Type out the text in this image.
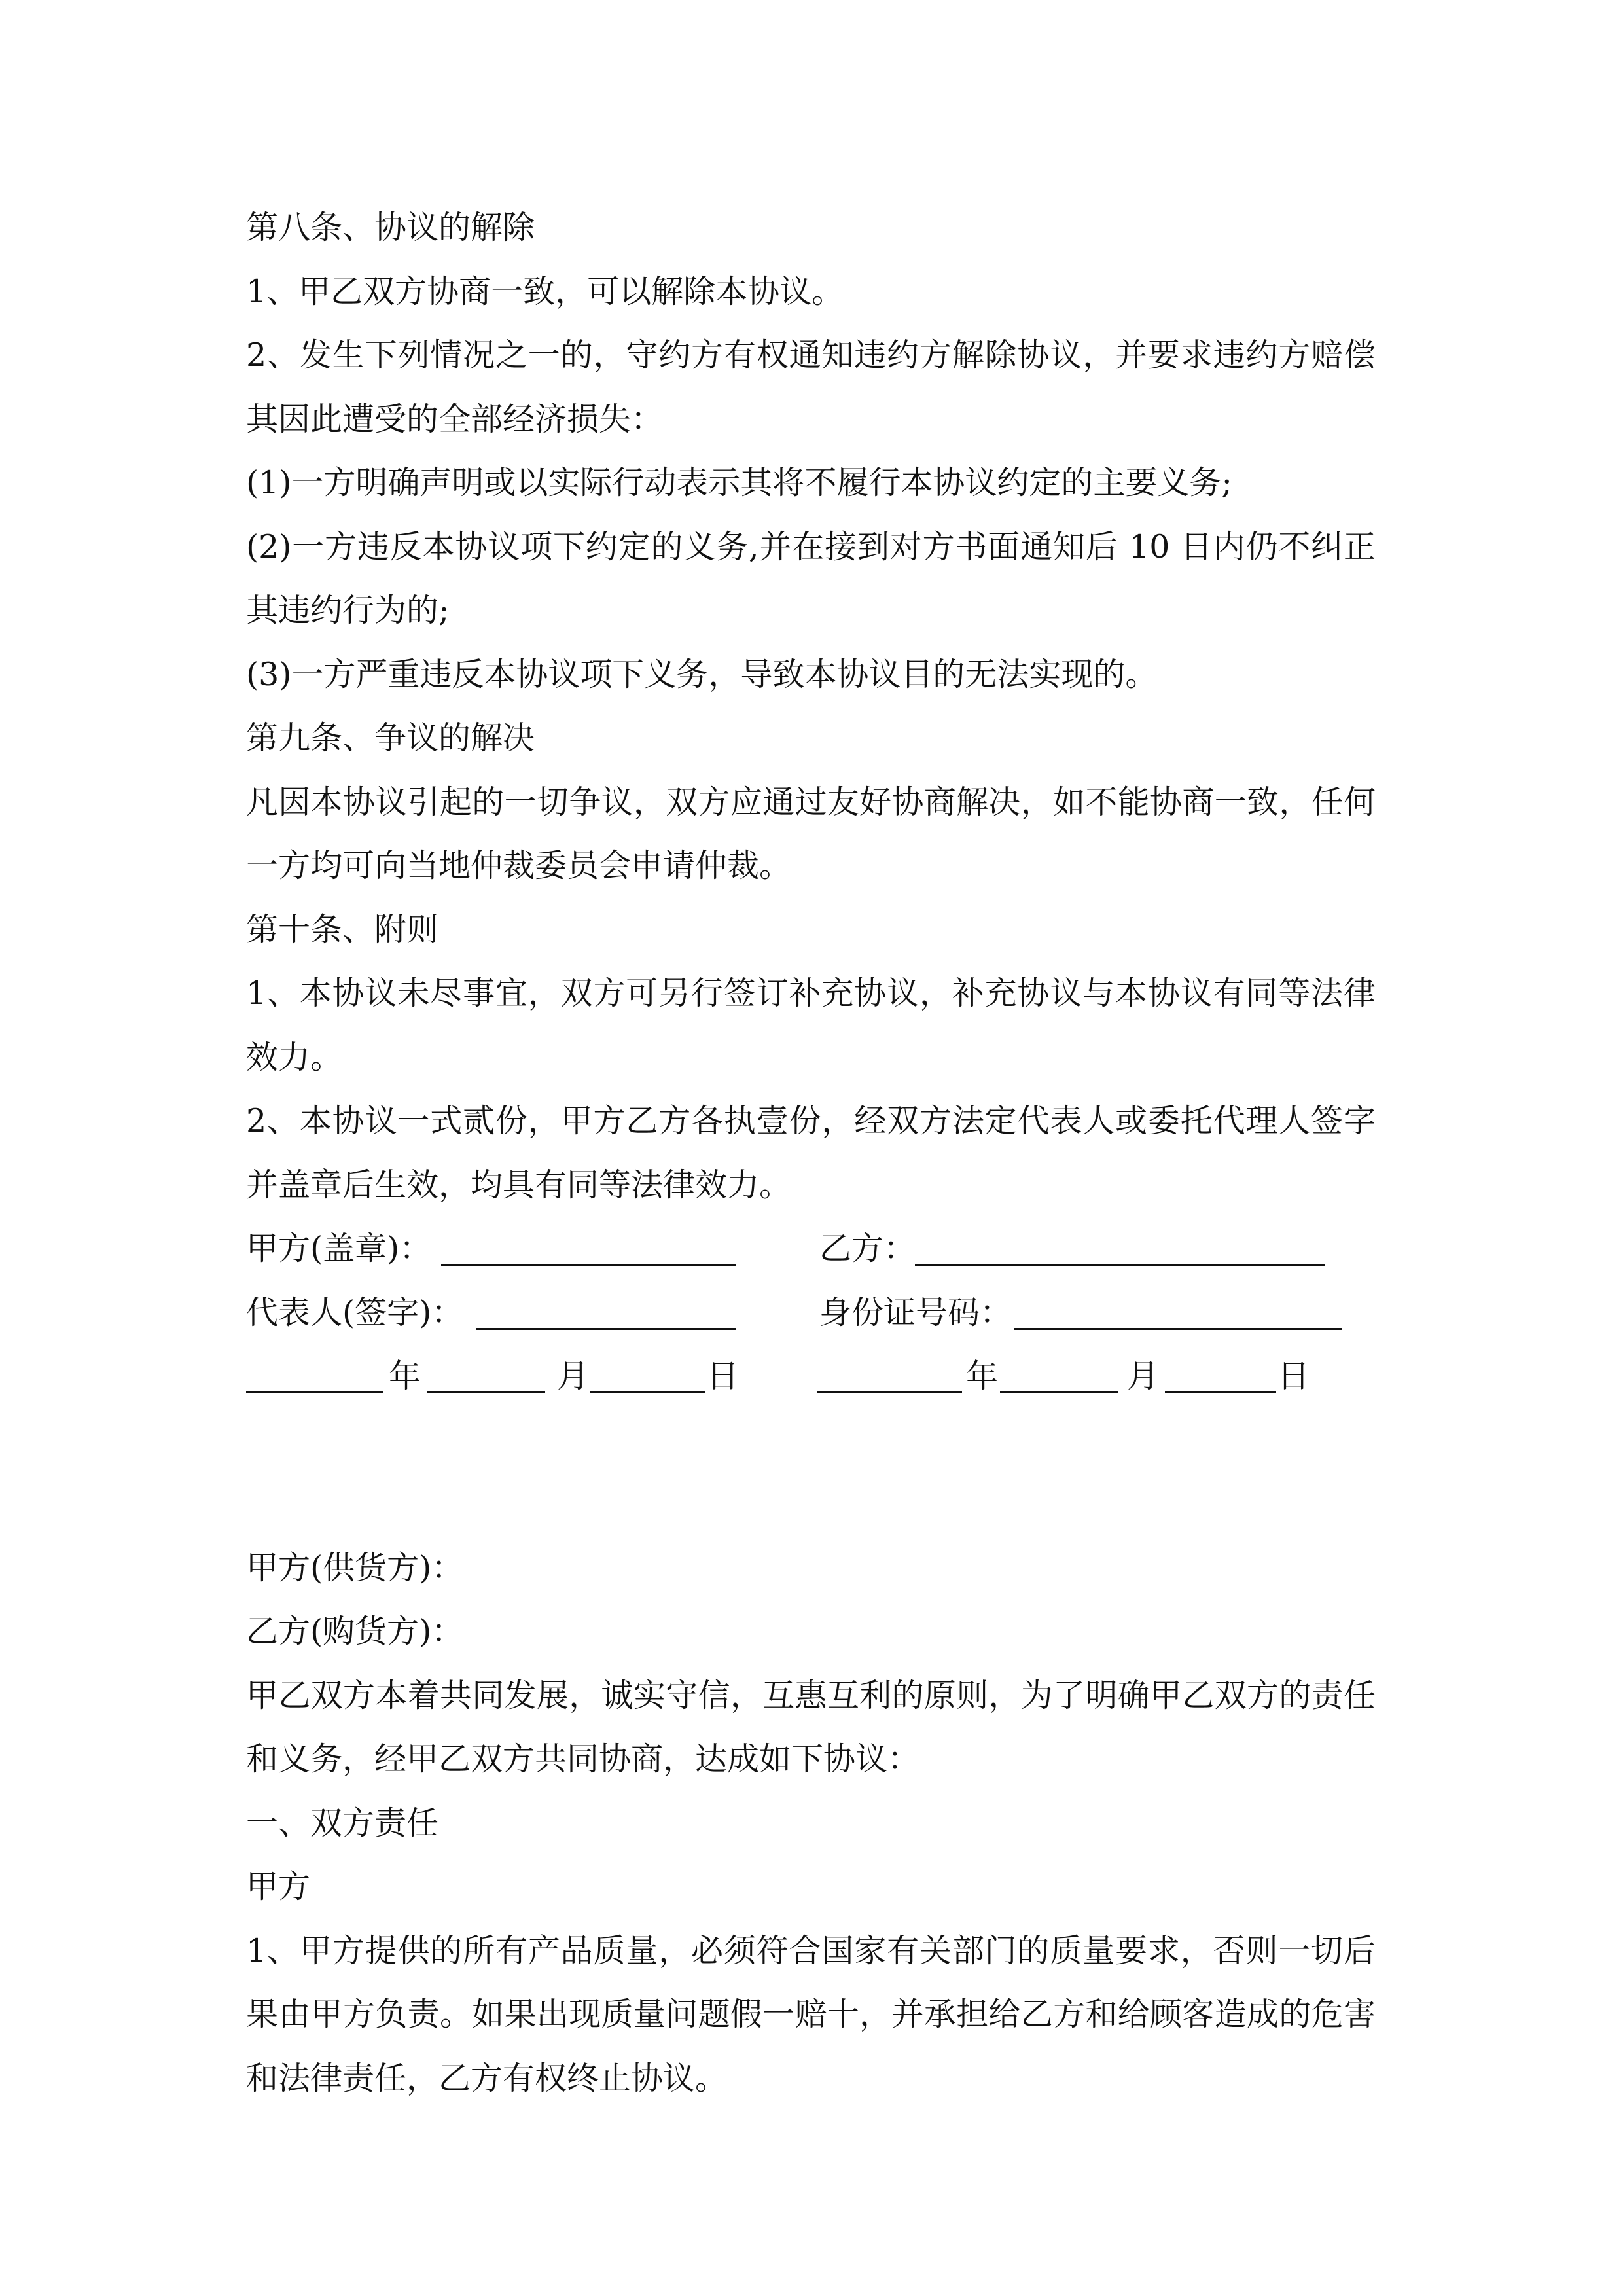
第八条、协议的解除
1、甲乙双方协商一致，可以解除本协议。
2、发生下列情况之一的，守约方有权通知违约方解除协议，并要求违约方赔偿
其因此遭受的全部经济损失：
(1)一方明确声明或以实际行动表示其将不履行本协议约定的主要义务;
(2)一方违反本协议项下约定的义务,并在接到对方书面通知后 10 日内仍不纠正
其违约行为的;
(3)一方严重违反本协议项下义务，导致本协议目的无法实现的。
第九条、争议的解决
凡因本协议引起的一切争议，双方应通过友好协商解决，如不能协商一致，任何
一方均可向当地仲裁委员会申请仲裁。
第十条、附则
1、本协议未尽事宜，双方可另行签订补充协议，补充协议与本协议有同等法律
效力。
2、本协议一式贰份，甲方乙方各执壹份，经双方法定代表人或委托代理人签字
并盖章后生效，均具有同等法律效力。
甲方(盖章)：	乙方：
代表人(签字)：	身份证号码：
年	月	日	年	月	日
甲方(供货方)：
乙方(购货方)：
甲乙双方本着共同发展，诚实守信，互惠互利的原则，为了明确甲乙双方的责任
和义务，经甲乙双方共同协商，达成如下协议：
一、双方责任
甲方
1、甲方提供的所有产品质量，必须符合国家有关部门的质量要求，否则一切后
果由甲方负责。如果出现质量问题假一赔十，并承担给乙方和给顾客造成的危害
和法律责任，乙方有权终止协议。
